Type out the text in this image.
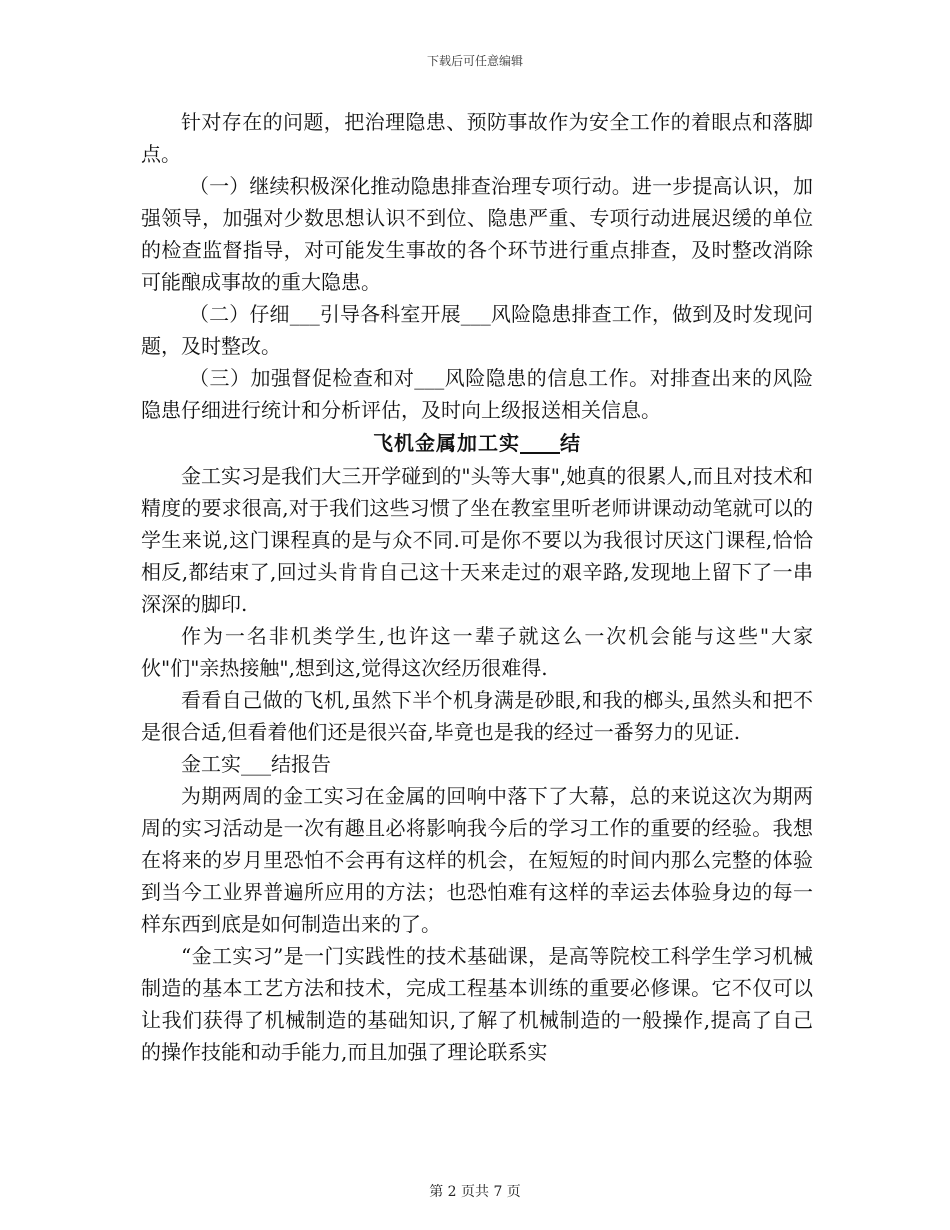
下载后可任意编辑

针对存在的问题，把治理隐患、预防事故作为安全工作的着眼点和落脚点。

（一）继续积极深化推动隐患排查治理专项行动。进一步提高认识，加强领导，加强对少数思想认识不到位、隐患严重、专项行动进展迟缓的单位的检查监督指导，对可能发生事故的各个环节进行重点排查，及时整改消除可能酿成事故的重大隐患。

（二）仔细___引导各科室开展___风险隐患排查工作，做到及时发现问题，及时整改。

（三）加强督促检查和对___风险隐患的信息工作。对排查出来的风险隐患仔细进行统计和分析评估，及时向上级报送相关信息。

飞机金属加工实 结

金工实习是我们大三开学碰到的"头等大事",她真的很累人,而且对技术和精度的要求很高,对于我们这些习惯了坐在教室里听老师讲课动动笔就可以的学生来说,这门课程真的是与众不同.可是你不要以为我很讨厌这门课程,恰恰相反,都结束了,回过头肯肯自己这十天来走过的艰辛路,发现地上留下了一串深深的脚印.

作为一名非机类学生,也许这一辈子就这么一次机会能与这些"大家伙"们"亲热接触",想到这,觉得这次经历很难得.

看看自己做的飞机,虽然下半个机身满是砂眼,和我的榔头,虽然头和把不是很合适,但看着他们还是很兴奋,毕竟也是我的经过一番努力的见证.

金工实___结报告

为期两周的金工实习在金属的回响中落下了大幕，总的来说这次为期两周的实习活动是一次有趣且必将影响我今后的学习工作的重要的经验。我想在将来的岁月里恐怕不会再有这样的机会，在短短的时间内那么完整的体验到当今工业界普遍所应用的方法；也恐怕难有这样的幸运去体验身边的每一样东西到底是如何制造出来的了。

“金工实习”是一门实践性的技术基础课，是高等院校工科学生学习机械制造的基本工艺方法和技术，完成工程基本训练的重要必修课。它不仅可以让我们获得了机械制造的基础知识,了解了机械制造的一般操作,提高了自己的操作技能和动手能力,而且加强了理论联系实

第 2 页共 7 页
